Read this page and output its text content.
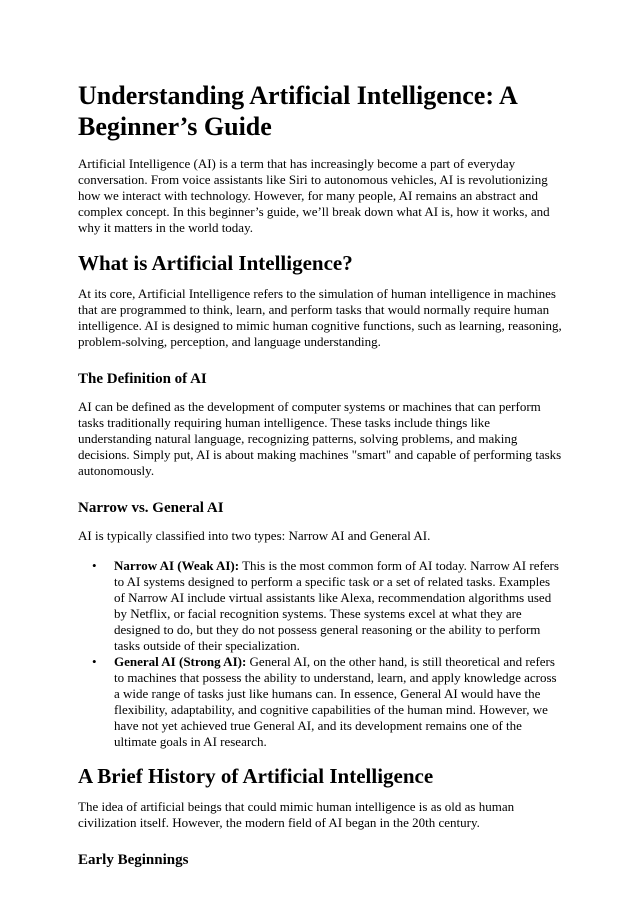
Understanding Artificial Intelligence: A Beginner’s Guide

Artificial Intelligence (AI) is a term that has increasingly become a part of everyday conversation. From voice assistants like Siri to autonomous vehicles, AI is revolutionizing how we interact with technology. However, for many people, AI remains an abstract and complex concept. In this beginner’s guide, we’ll break down what AI is, how it works, and why it matters in the world today.

What is Artificial Intelligence?

At its core, Artificial Intelligence refers to the simulation of human intelligence in machines that are programmed to think, learn, and perform tasks that would normally require human intelligence. AI is designed to mimic human cognitive functions, such as learning, reasoning, problem-solving, perception, and language understanding.

The Definition of AI

AI can be defined as the development of computer systems or machines that can perform tasks traditionally requiring human intelligence. These tasks include things like understanding natural language, recognizing patterns, solving problems, and making decisions. Simply put, AI is about making machines "smart" and capable of performing tasks autonomously.

Narrow vs. General AI

AI is typically classified into two types: Narrow AI and General AI.

• Narrow AI (Weak AI): This is the most common form of AI today. Narrow AI refers to AI systems designed to perform a specific task or a set of related tasks. Examples of Narrow AI include virtual assistants like Alexa, recommendation algorithms used by Netflix, or facial recognition systems. These systems excel at what they are designed to do, but they do not possess general reasoning or the ability to perform tasks outside of their specialization.
• General AI (Strong AI): General AI, on the other hand, is still theoretical and refers to machines that possess the ability to understand, learn, and apply knowledge across a wide range of tasks just like humans can. In essence, General AI would have the flexibility, adaptability, and cognitive capabilities of the human mind. However, we have not yet achieved true General AI, and its development remains one of the ultimate goals in AI research.
A Brief History of Artificial Intelligence

The idea of artificial beings that could mimic human intelligence is as old as human civilization itself. However, the modern field of AI began in the 20th century.

Early Beginnings
